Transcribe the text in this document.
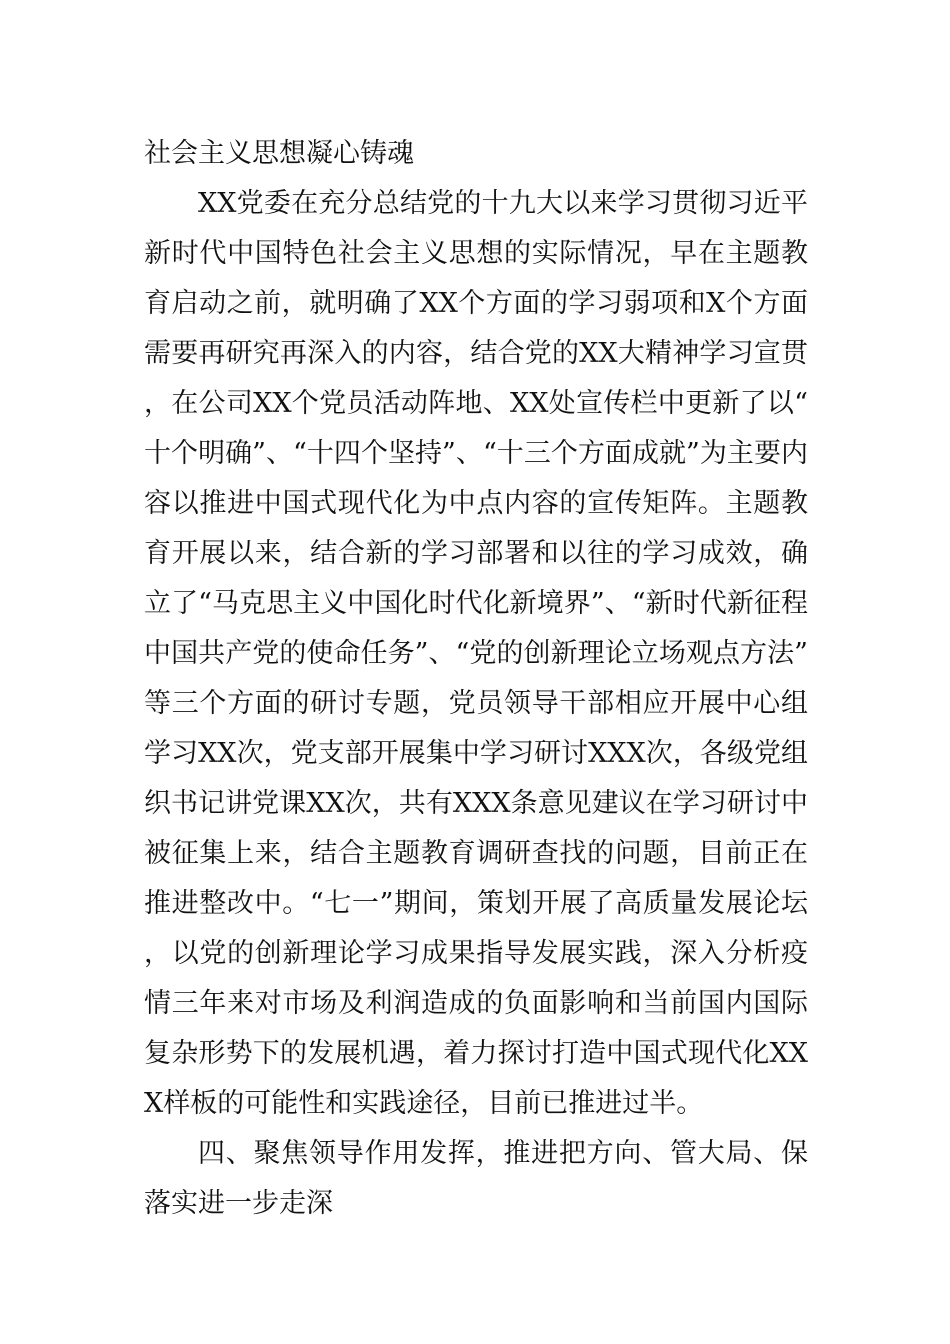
社会主义思想凝心铸魂

XX党委在充分总结党的十九大以来学习贯彻习近平新时代中国特色社会主义思想的实际情况，早在主题教育启动之前，就明确了XX个方面的学习弱项和X个方面需要再研究再深入的内容，结合党的XX大精神学习宣贯，在公司XX个党员活动阵地、XX处宣传栏中更新了以“十个明确”、“十四个坚持”、“十三个方面成就”为主要内容以推进中国式现代化为中点内容的宣传矩阵。主题教育开展以来，结合新的学习部署和以往的学习成效，确立了“马克思主义中国化时代化新境界”、“新时代新征程中国共产党的使命任务”、“党的创新理论立场观点方法”等三个方面的研讨专题，党员领导干部相应开展中心组学习XX次，党支部开展集中学习研讨XXX次，各级党组织书记讲党课XX次，共有XXX条意见建议在学习研讨中被征集上来，结合主题教育调研查找的问题，目前正在推进整改中。“七一”期间，策划开展了高质量发展论坛，以党的创新理论学习成果指导发展实践，深入分析疫情三年来对市场及利润造成的负面影响和当前国内国际复杂形势下的发展机遇，着力探讨打造中国式现代化XXX样板的可能性和实践途径，目前已推进过半。

四、聚焦领导作用发挥，推进把方向、管大局、保落实进一步走深
